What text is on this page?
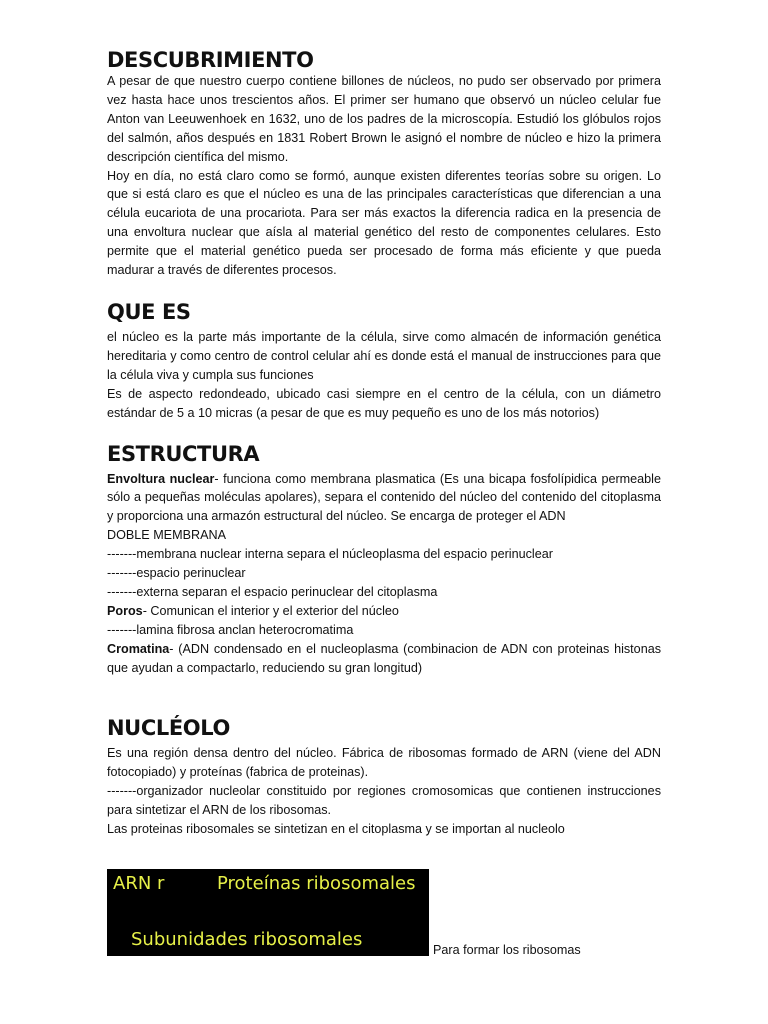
DESCUBRIMIENTO

A pesar de que nuestro cuerpo contiene billones de núcleos, no pudo ser observado por primera vez hasta hace unos trescientos años. El primer ser humano que observó un núcleo celular fue Anton van Leeuwenhoek en 1632, uno de los padres de la microscopía. Estudió los glóbulos rojos del salmón, años después en 1831 Robert Brown le asignó el nombre de núcleo e hizo la primera descripción científica del mismo.

Hoy en día, no está claro como se formó, aunque existen diferentes teorías sobre su origen. Lo que si está claro es que el núcleo es una de las principales características que diferencian a una célula eucariota de una procariota. Para ser más exactos la diferencia radica en la presencia de una envoltura nuclear que aísla al material genético del resto de componentes celulares. Esto permite que el material genético pueda ser procesado de forma más eficiente y que pueda madurar a través de diferentes procesos.

QUE ES

el núcleo es la parte más importante de la célula, sirve como almacén de información genética hereditaria y como centro de control celular ahí es donde está el manual de instrucciones para que la célula viva y cumpla sus funciones

Es de aspecto redondeado, ubicado casi siempre en el centro de la célula, con un diámetro estándar de 5 a 10 micras (a pesar de que es muy pequeño es uno de los más notorios)

ESTRUCTURA

Envoltura nuclear- funciona como membrana plasmatica (Es una bicapa fosfolípidica permeable sólo a pequeñas moléculas apolares), separa el contenido del núcleo del contenido del citoplasma y proporciona una armazón estructural del núcleo. Se encarga de proteger el ADN

DOBLE MEMBRANA

-------membrana nuclear interna separa el núcleoplasma del espacio perinuclear

-------espacio perinuclear

-------externa separan el espacio perinuclear del citoplasma

Poros- Comunican el interior y el exterior del núcleo

-------lamina fibrosa anclan heterocromatima

Cromatina- (ADN condensado en el nucleoplasma (combinacion de ADN con proteinas histonas que ayudan a compactarlo, reduciendo su gran longitud)

NUCLÉOLO

Es una región densa dentro del núcleo. Fábrica de ribosomas formado de ARN (viene del ADN fotocopiado) y proteínas (fabrica de proteinas).

-------organizador nucleolar constituido por regiones cromosomicas que contienen instrucciones para sintetizar el ARN de los ribosomas.

Las proteinas ribosomales se sintetizan en el citoplasma y se importan al nucleolo

ARN r	Proteínas ribosomales
Subunidades ribosomales	Para formar los ribosomas
